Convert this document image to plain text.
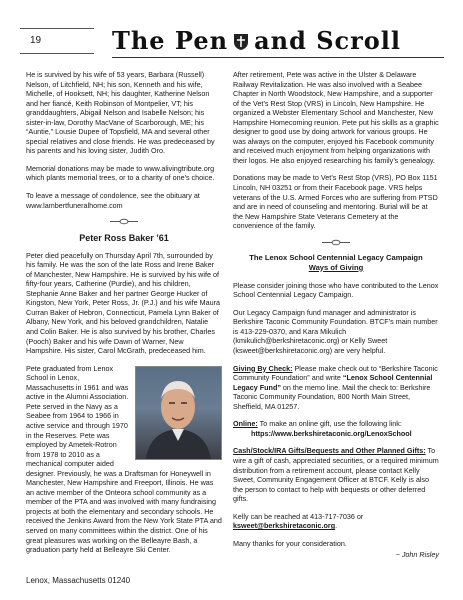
19	The Pen and Scroll

He is survived by his wife of 53 years, Barbara (Russell) Nelson, of Litchfield, NH; his son, Kenneth and his wife, Michelle, of Hooksett, NH; his daughter, Katherine Nelson and her fiancé, Keith Robinson of Montpelier, VT; his granddaughters, Abigail Nelson and Isabelle Nelson; his sister-in-law, Dorothy MacVane of Scarborough, ME; his “Auntie,” Lousie Dupee of Topsfield, MA and several other special relatives and close friends. He was predeceased by his parents and his loving sister, Judith Oro.

Memorial donations may be made to www.alivingtribute.org which plants memorial trees, or to a charity of one's choice.

To leave a message of condolence, see the obituary at www.lambertfuneralhome.com

Peter Ross Baker ’61

Peter died peacefully on Thursday April 7th, surrounded by his family. He was the son of the late Ross and Irene Baker of Manchester, New Hampshire. He is survived by his wife of fifty-four years, Catherine (Purdie), and his children, Stephanie Anne Baker and her partner George Hucker of Kingston, New York, Peter Ross, Jr. (P.J.) and his wife Maura Curran Baker of Hebron, Connecticut, Pamela Lynn Baker of Albany, New York, and his beloved grandchildren, Natalie and Colin Baker. He is also survived by his brother, Charles (Pooch) Baker and his wife Dawn of Warner, New Hampshire. His sister, Carol McGrath, predeceased him.

Pete graduated from Lenox School in Lenox, Massachusetts in 1961 and was active in the Alumni Association. Pete served in the Navy as a Seabee from 1964 to 1966 in active service and through 1970 in the Reserves. Pete was employed by Ametek-Rotron from 1978 to 2010 as a mechanical computer aided designer. Previously, he was a Draftsman for Honeywell in Manchester, New Hampshire and Freeport, Illinois. He was an active member of the Onteora school community as a member of the PTA and was involved with many fundraising projects at both the elementary and secondary schools. He received the Jenkins Award from the New York State PTA and served on many committees within the district. One of his great pleasures was working on the Belleayre Bash, a graduation party held at Belleayre Ski Center.

After retirement, Pete was active in the Ulster & Delaware Railway Revitalization. He was also involved with a Seabee Chapter in North Woodstock, New Hampshire, and a supporter of the Vet’s Rest Stop (VRS) in Lincoln, New Hampshire. He organized a Webster Elementary School and Manchester, New Hampshire Homecoming reunion. Pete put his skills as a graphic designer to good use by doing artwork for various groups. He was always on the computer, enjoyed his Facebook community and received much enjoyment from helping organizations with their logos. He also enjoyed researching his family’s genealogy.

Donations may be made to Vet’s Rest Stop (VRS), PO Box 1151 Lincoln, NH 03251 or from their Facebook page. VRS helps veterans of the U.S. Armed Forces who are suffering from PTSD and are in need of counseling and mentoring. Burial will be at the New Hampshire State Veterans Cemetery at the convenience of the family.

The Lenox School Centennial Legacy Campaign
Ways of Giving

Please consider joining those who have contributed to the Lenox School Centennial Legacy Campaign.

Our Legacy Campaign fund manager and administrator is Berkshire Taconic Community Foundation. BTCF’s main number is 413-229-0370, and Kara Mikulich (kmikulich@berkshiretaconic.org) or Kelly Sweet (ksweet@berkshiretaconic.org) are very helpful.

Giving By Check: Please make check out to “Berkshire Taconic Community Foundation” and write “Lenox School Centennial Legacy Fund” on the memo line. Mail the check to: Berkshire Taconic Community Foundation, 800 North Main Street, Sheffield, MA 01257.

Online: To make an online gift, use the following link:
https://www.berkshiretaconic.org/LenoxSchool

Cash/Stock/IRA Gifts/Bequests and Other Planned Gifts: To wire a gift of cash, appreciated securities, or a required minimum distribution from a retirement account, please contact Kelly Sweet, Community Engagement Officer at BTCF. Kelly is also the person to contact to help with bequests or other deferred gifts.

Kelly can be reached at 413-717-7036 or ksweet@berkshiretaconic.org.

Many thanks for your consideration.

~ John Risley
Lenox, Massachusetts 01240
